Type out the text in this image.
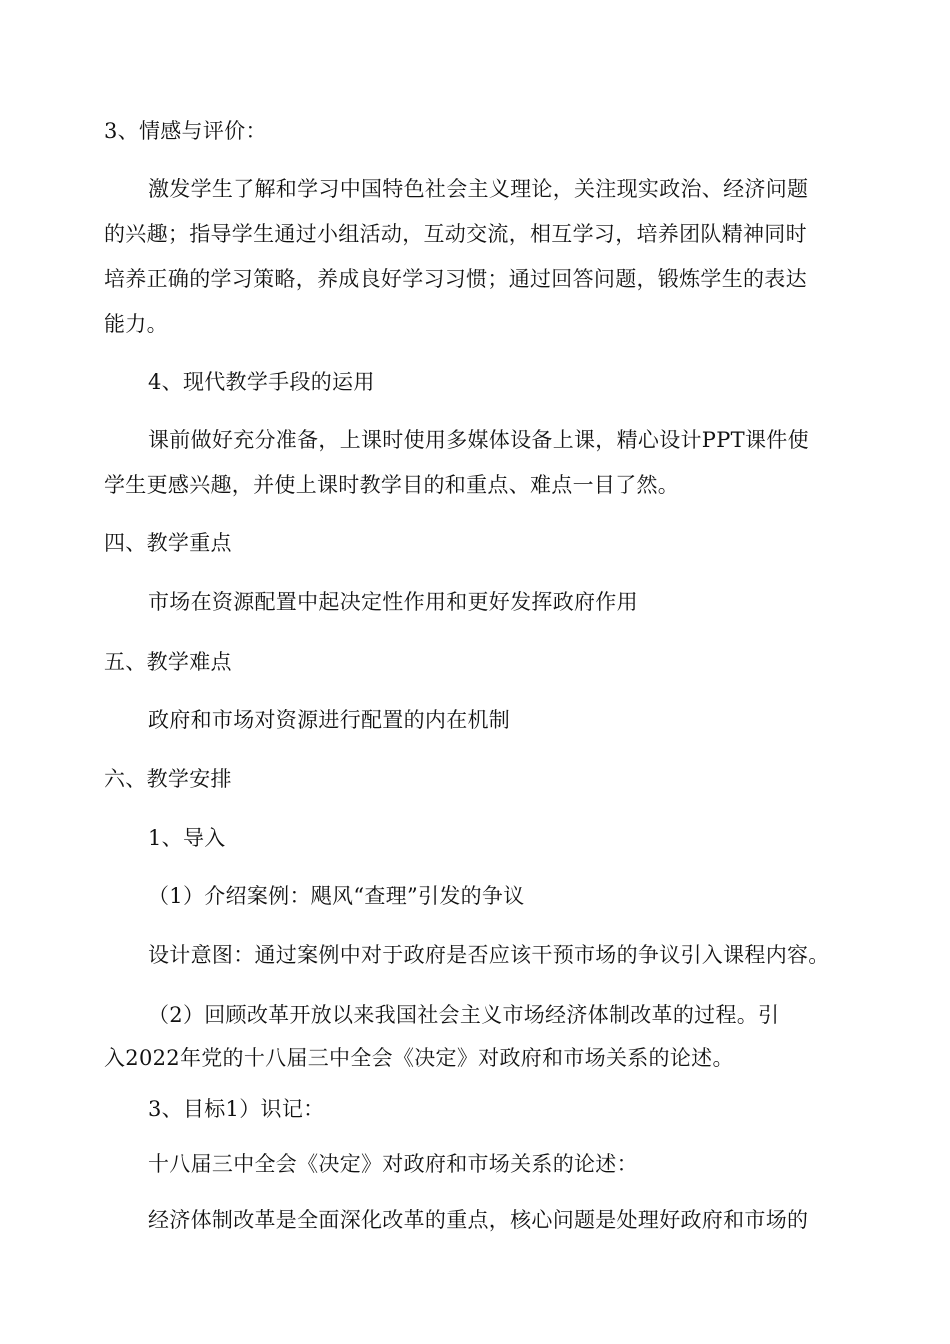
3、情感与评价：
激发学生了解和学习中国特色社会主义理论，关注现实政治、经济问题
的兴趣；指导学生通过小组活动，互动交流，相互学习，培养团队精神同时
培养正确的学习策略，养成良好学习习惯；通过回答问题，锻炼学生的表达
能力。
4、现代教学手段的运用
课前做好充分准备，上课时使用多媒体设备上课，精心设计PPT课件使
学生更感兴趣，并使上课时教学目的和重点、难点一目了然。
四、教学重点
市场在资源配置中起决定性作用和更好发挥政府作用
五、教学难点
政府和市场对资源进行配置的内在机制
六、教学安排
1、导入
（1）介绍案例：飓风“查理”引发的争议
设计意图：通过案例中对于政府是否应该干预市场的争议引入课程内容。
（2）回顾改革开放以来我国社会主义市场经济体制改革的过程。引
入2022年党的十八届三中全会《决定》对政府和市场关系的论述。
3、目标1）识记：
十八届三中全会《决定》对政府和市场关系的论述：
经济体制改革是全面深化改革的重点，核心问题是处理好政府和市场的
